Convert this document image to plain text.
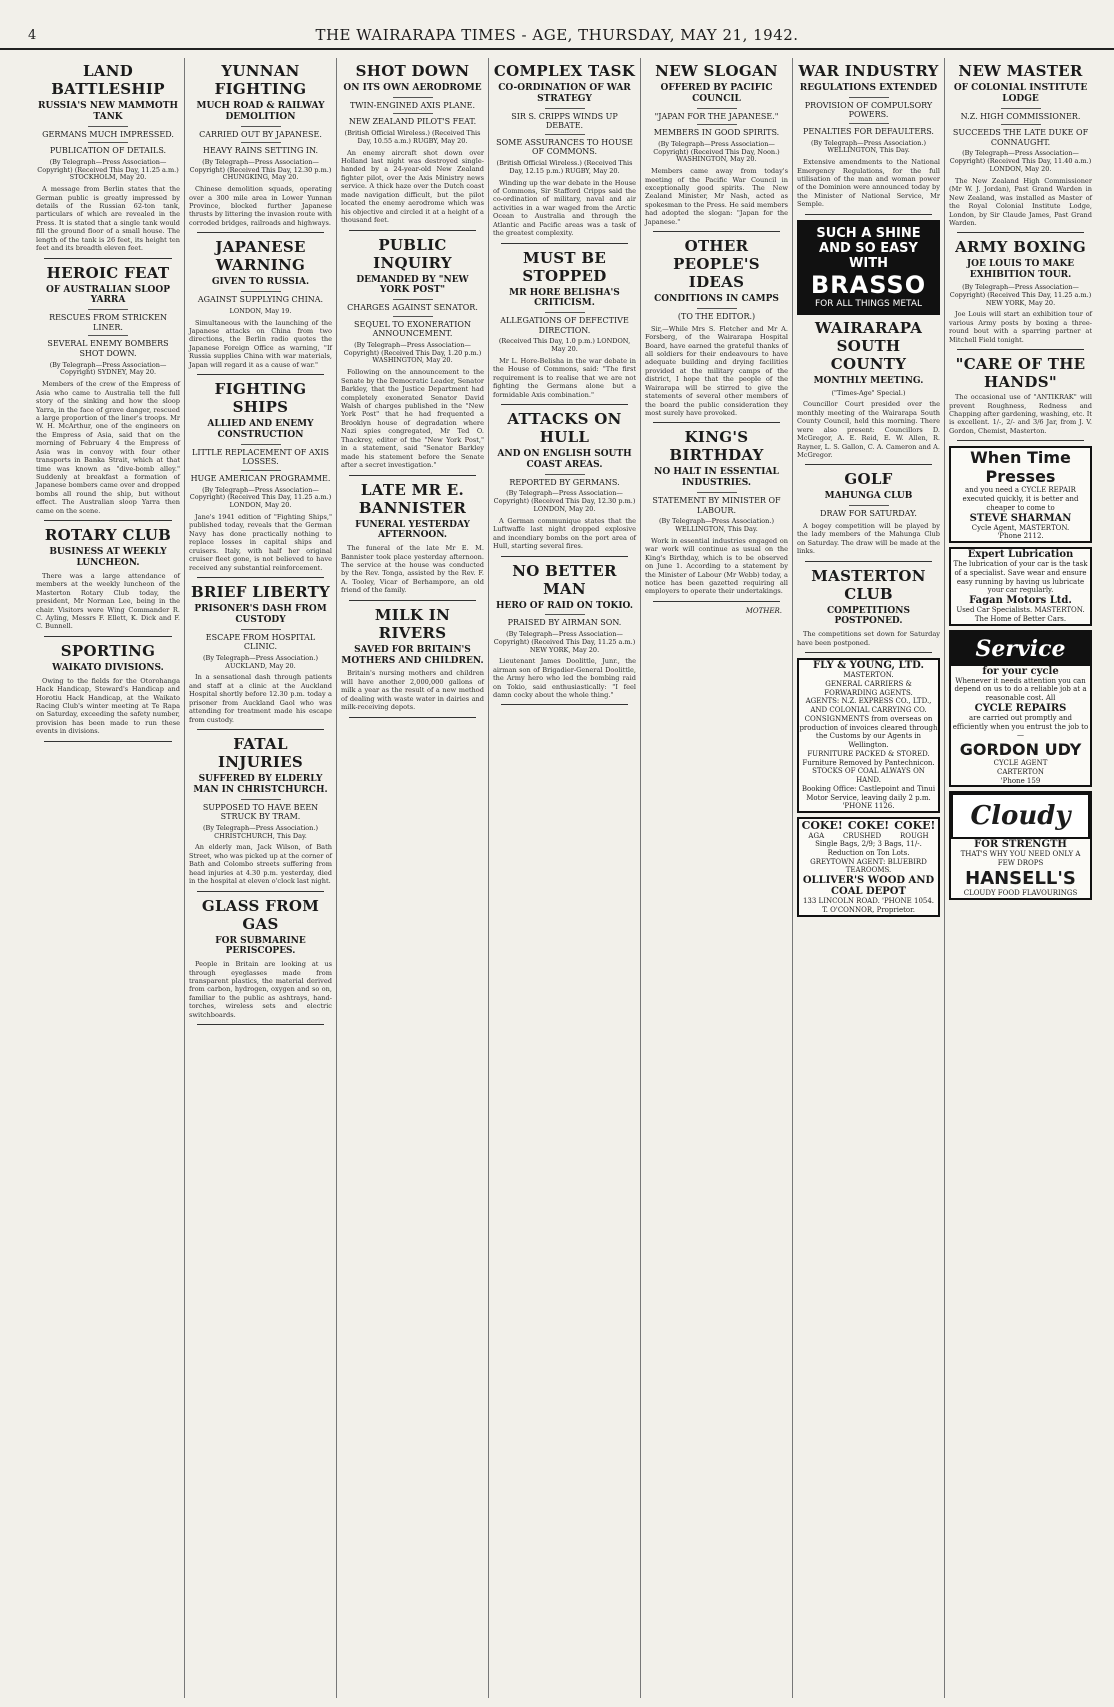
4	THE WAIRARAPA TIMES - AGE, THURSDAY, MAY 21, 1942.
LAND BATTLESHIP
RUSSIA'S NEW MAMMOTH TANK
GERMANS MUCH IMPRESSED.
PUBLICATION OF DETAILS.
(By Telegraph—Press Association—Copyright) (Received This Day, 11.25 a.m.) STOCKHOLM, May 20.

A message from Berlin states that the German public is greatly impressed by details of the Russian 62-ton tank, particulars of which are revealed in the Press. It is stated that a single tank would fill the ground floor of a small house. The length of the tank is 26 feet, its height ten feet and its breadth eleven feet.

HEROIC FEAT
OF AUSTRALIAN SLOOP YARRA
RESCUES FROM STRICKEN LINER.
SEVERAL ENEMY BOMBERS SHOT DOWN.
(By Telegraph—Press Association—Copyright) SYDNEY, May 20.

Members of the crew of the Empress of Asia who came to Australia tell the full story of the sinking and how the sloop Yarra, in the face of grave danger, rescued a large proportion of the liner's troops. Mr W. H. McArthur, one of the engineers on the Empress of Asia, said that on the morning of February 4 the Empress of Asia was in convoy with four other transports in Banka Strait, which at that time was known as "dive-bomb alley." Suddenly at breakfast a formation of Japanese bombers came over and dropped bombs all round the ship, but without effect. The Australian sloop Yarra then came on the scene.

ROTARY CLUB
BUSINESS AT WEEKLY LUNCHEON.

There was a large attendance of members at the weekly luncheon of the Masterton Rotary Club today, the president, Mr Norman Lee, being in the chair. Visitors were Wing Commander R. C. Ayling, Messrs F. Ellett, K. Dick and F. C. Bunnell.

SPORTING
WAIKATO DIVISIONS.

Owing to the fields for the Otorohanga Hack Handicap, Steward's Handicap and Horotiu Hack Handicap, at the Waikato Racing Club's winter meeting at Te Rapa on Saturday, exceeding the safety number, provision has been made to run these events in divisions.

YUNNAN FIGHTING
MUCH ROAD & RAILWAY DEMOLITION
CARRIED OUT BY JAPANESE.
HEAVY RAINS SETTING IN.
(By Telegraph—Press Association—Copyright) (Received This Day, 12.30 p.m.) CHUNGKING, May 20.

Chinese demolition squads, operating over a 300 mile area in Lower Yunnan Province, blocked further Japanese thrusts by littering the invasion route with corroded bridges, railroads and highways.

JAPANESE WARNING
GIVEN TO RUSSIA.
AGAINST SUPPLYING CHINA.
LONDON, May 19.

Simultaneous with the launching of the Japanese attacks on China from two directions, the Berlin radio quotes the Japanese Foreign Office as warning, "If Russia supplies China with war materials, Japan will regard it as a cause of war."

FIGHTING SHIPS
ALLIED AND ENEMY CONSTRUCTION
LITTLE REPLACEMENT OF AXIS LOSSES.
HUGE AMERICAN PROGRAMME.
(By Telegraph—Press Association—Copyright) (Received This Day, 11.25 a.m.) LONDON, May 20.

Jane's 1941 edition of "Fighting Ships," published today, reveals that the German Navy has done practically nothing to replace losses in capital ships and cruisers. Italy, with half her original cruiser fleet gone, is not believed to have received any substantial reinforcement.

BRIEF LIBERTY
PRISONER'S DASH FROM CUSTODY
ESCAPE FROM HOSPITAL CLINIC.
(By Telegraph—Press Association.) AUCKLAND, May 20.

In a sensational dash through patients and staff at a clinic at the Auckland Hospital shortly before 12.30 p.m. today a prisoner from Auckland Gaol who was attending for treatment made his escape from custody.

FATAL INJURIES
SUFFERED BY ELDERLY MAN IN CHRISTCHURCH.
SUPPOSED TO HAVE BEEN STRUCK BY TRAM.
(By Telegraph—Press Association.) CHRISTCHURCH, This Day.

An elderly man, Jack Wilson, of Bath Street, who was picked up at the corner of Bath and Colombo streets suffering from head injuries at 4.30 p.m. yesterday, died in the hospital at eleven o'clock last night.

GLASS FROM GAS
FOR SUBMARINE PERISCOPES.

People in Britain are looking at us through eyeglasses made from transparent plastics, the material derived from carbon, hydrogen, oxygen and so on, familiar to the public as ashtrays, hand-torches, wireless sets and electric switchboards.

SHOT DOWN
ON ITS OWN AERODROME
TWIN-ENGINED AXIS PLANE.
NEW ZEALAND PILOT'S FEAT.
(British Official Wireless.) (Received This Day, 10.55 a.m.) RUGBY, May 20.

An enemy aircraft shot down over Holland last night was destroyed single-handed by a 24-year-old New Zealand fighter pilot, over the Axis Ministry news service. A thick haze over the Dutch coast made navigation difficult, but the pilot located the enemy aerodrome which was his objective and circled it at a height of a thousand feet.

PUBLIC INQUIRY
DEMANDED BY "NEW YORK POST"
CHARGES AGAINST SENATOR.
SEQUEL TO EXONERATION ANNOUNCEMENT.
(By Telegraph—Press Association—Copyright) (Received This Day, 1.20 p.m.) WASHINGTON, May 20.

Following on the announcement to the Senate by the Democratic Leader, Senator Barkley, that the Justice Department had completely exonerated Senator David Walsh of charges published in the "New York Post" that he had frequented a Brooklyn house of degradation where Nazi spies congregated, Mr Ted O. Thackrey, editor of the "New York Post," in a statement, said "Senator Barkley made his statement before the Senate after a secret investigation."

LATE MR E. BANNISTER
FUNERAL YESTERDAY AFTERNOON.

The funeral of the late Mr E. M. Bannister took place yesterday afternoon. The service at the house was conducted by the Rev. Tonga, assisted by the Rev. F. A. Tooley, Vicar of Berhampore, an old friend of the family.

MILK IN RIVERS
SAVED FOR BRITAIN'S MOTHERS AND CHILDREN.

Britain's nursing mothers and children will have another 2,000,000 gallons of milk a year as the result of a new method of dealing with waste water in dairies and milk-receiving depots.

COMPLEX TASK
CO-ORDINATION OF WAR STRATEGY
SIR S. CRIPPS WINDS UP DEBATE.
SOME ASSURANCES TO HOUSE OF COMMONS.
(British Official Wireless.) (Received This Day, 12.15 p.m.) RUGBY, May 20.

Winding up the war debate in the House of Commons, Sir Stafford Cripps said the co-ordination of military, naval and air activities in a war waged from the Arctic Ocean to Australia and through the Atlantic and Pacific areas was a task of the greatest complexity.

MUST BE STOPPED
MR HORE BELISHA'S CRITICISM.
ALLEGATIONS OF DEFECTIVE DIRECTION.
(Received This Day, 1.0 p.m.) LONDON, May 20.

Mr L. Hore-Belisha in the war debate in the House of Commons, said: "The first requirement is to realise that we are not fighting the Germans alone but a formidable Axis combination."

ATTACKS ON HULL
AND ON ENGLISH SOUTH COAST AREAS.
REPORTED BY GERMANS.
(By Telegraph—Press Association—Copyright) (Received This Day, 12.30 p.m.) LONDON, May 20.

A German communique states that the Luftwaffe last night dropped explosive and incendiary bombs on the port area of Hull, starting several fires.

NO BETTER MAN
HERO OF RAID ON TOKIO.
PRAISED BY AIRMAN SON.
(By Telegraph—Press Association—Copyright) (Received This Day, 11.25 a.m.) NEW YORK, May 20.

Lieutenant James Doolittle, Junr., the airman son of Brigadier-General Doolittle, the Army hero who led the bombing raid on Tokio, said enthusiastically: "I feel damn cocky about the whole thing."

NEW SLOGAN
OFFERED BY PACIFIC COUNCIL
"JAPAN FOR THE JAPANESE."
MEMBERS IN GOOD SPIRITS.
(By Telegraph—Press Association—Copyright) (Received This Day, Noon.) WASHINGTON, May 20.

Members came away from today's meeting of the Pacific War Council in exceptionally good spirits. The New Zealand Minister, Mr Nash, acted as spokesman to the Press. He said members had adopted the slogan: "Japan for the Japanese."

OTHER PEOPLE'S IDEAS
CONDITIONS IN CAMPS
(TO THE EDITOR.)

Sir,—While Mrs S. Fletcher and Mr A. Forsberg, of the Wairarapa Hospital Board, have earned the grateful thanks of all soldiers for their endeavours to have adequate building and drying facilities provided at the military camps of the district, I hope that the people of the Wairarapa will be stirred to give the statements of several other members of the board the public consideration they most surely have provoked.

KING'S BIRTHDAY
NO HALT IN ESSENTIAL INDUSTRIES.
STATEMENT BY MINISTER OF LABOUR.
(By Telegraph—Press Association.) WELLINGTON, This Day.

Work in essential industries engaged on war work will continue as usual on the King's Birthday, which is to be observed on June 1. According to a statement by the Minister of Labour (Mr Webb) today, a notice has been gazetted requiring all employers to operate their undertakings.

MOTHER.
WAR INDUSTRY
REGULATIONS EXTENDED
PROVISION OF COMPULSORY POWERS.
PENALTIES FOR DEFAULTERS.
(By Telegraph—Press Association.) WELLINGTON, This Day.

Extensive amendments to the National Emergency Regulations, for the full utilisation of the man and woman power of the Dominion were announced today by the Minister of National Service, Mr Semple.

SUCH A SHINE
AND SO EASY WITH
BRASSO
FOR ALL THINGS METAL
WAIRARAPA SOUTH COUNTY
MONTHLY MEETING.
("Times-Age" Special.)

Councillor Court presided over the monthly meeting of the Wairarapa South County Council, held this morning. There were also present: Councillors D. McGregor, A. E. Reid, E. W. Allen, R. Rayner, L. S. Gallon, C. A. Cameron and A. McGregor.

GOLF
MAHUNGA CLUB
DRAW FOR SATURDAY.

A bogey competition will be played by the lady members of the Mahunga Club on Saturday. The draw will be made at the links.

MASTERTON CLUB
COMPETITIONS POSTPONED.

The competitions set down for Saturday have been postponed.

FLY & YOUNG, LTD.
MASTERTON.
GENERAL CARRIERS & FORWARDING AGENTS.
AGENTS: N.Z. EXPRESS CO., LTD., AND COLONIAL CARRYING CO.
CONSIGNMENTS from overseas on production of invoices cleared through the Customs by our Agents in Wellington.
FURNITURE PACKED & STORED. Furniture Removed by Pantechnicon. STOCKS OF COAL ALWAYS ON HAND.
Booking Office: Castlepoint and Tinui Motor Service, leaving daily 2 p.m. 'PHONE 1126.
COKE! COKE! COKE!
AGA	CRUSHED	ROUGH
Single Bags, 2/9; 3 Bags, 11/-.
Reduction on Ton Lots.
GREYTOWN AGENT: BLUEBIRD TEAROOMS.
OLLIVER'S WOOD AND COAL DEPOT
133 LINCOLN ROAD. 'PHONE 1054.
T. O'CONNOR, Proprietor.
NEW MASTER
OF COLONIAL INSTITUTE LODGE
N.Z. HIGH COMMISSIONER.
SUCCEEDS THE LATE DUKE OF CONNAUGHT.
(By Telegraph—Press Association—Copyright) (Received This Day, 11.40 a.m.) LONDON, May 20.

The New Zealand High Commissioner (Mr W. J. Jordan), Past Grand Warden in New Zealand, was installed as Master of the Royal Colonial Institute Lodge, London, by Sir Claude James, Past Grand Warden.

ARMY BOXING
JOE LOUIS TO MAKE EXHIBITION TOUR.
(By Telegraph—Press Association—Copyright) (Received This Day, 11.25 a.m.) NEW YORK, May 20.

Joe Louis will start an exhibition tour of various Army posts by boxing a three-round bout with a sparring partner at Mitchell Field tonight.

"CARE OF THE HANDS"

The occasional use of "ANTIKRAK" will prevent Roughness, Redness and Chapping after gardening, washing, etc. It is excellent. 1/-, 2/- and 3/6 Jar, from J. V. Gordon, Chemist, Masterton.

When Time Presses
and you need a CYCLE REPAIR executed quickly, it is better and cheaper to come to
STEVE SHARMAN
Cycle Agent, MASTERTON.
'Phone 2112.
Expert Lubrication
The lubrication of your car is the task of a specialist. Save wear and ensure easy running by having us lubricate your car regularly.
Fagan Motors Ltd.
Used Car Specialists. MASTERTON. The Home of Better Cars.
Service
for your cycle
Whenever it needs attention you can depend on us to do a reliable job at a reasonable cost. All
CYCLE REPAIRS
are carried out promptly and efficiently when you entrust the job to—
GORDON UDY
CYCLE AGENT
CARTERTON
'Phone 159
Cloudy
FOR STRENGTH
THAT'S WHY YOU NEED ONLY A FEW DROPS
HANSELL'S
CLOUDY FOOD FLAVOURINGS
